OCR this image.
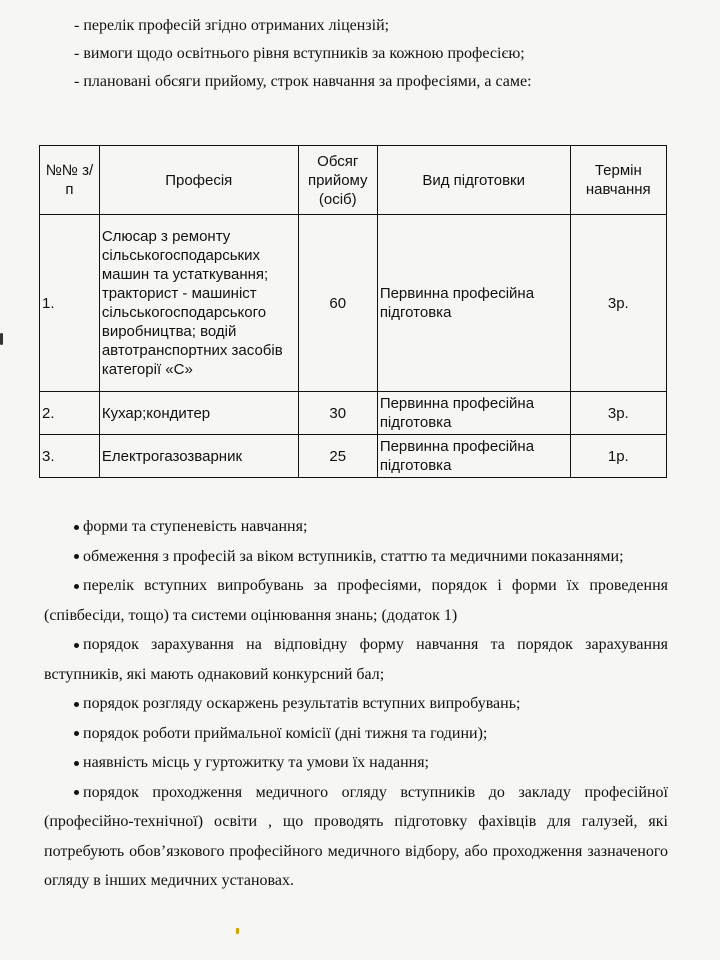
- перелік професій згідно отриманих ліцензій;
- вимоги щодо освітнього рівня вступників за кожною професією;
- плановані обсяги прийому, строк навчання за професіями, а саме:
№№ з/п	Професія	Обсяг прийому (осіб)	Вид підготовки	Термін навчання
1.	Слюсар з ремонту сільськогосподарських машин та устаткування; тракторист - машиніст сільськогосподарського виробництва; водій автотранспортних засобів категорії «С»	60	Первинна професійна підготовка	3р.
2.	Кухар;кондитер	30	Первинна професійна підготовка	3р.
3.	Електрогазозварник	25	Первинна професійна підготовка	1р.
форми та ступеневість навчання;
обмеження з професій за віком вступників, статтю та медичними показаннями;
перелік вступних випробувань за професіями, порядок і форми їх проведення (співбесіди, тощо) та системи оцінювання знань; (додаток 1)
порядок зарахування на відповідну форму навчання та порядок зарахування вступників, які мають однаковий конкурсний бал;
порядок розгляду оскаржень результатів вступних випробувань;
порядок роботи приймальної комісії (дні тижня та години);
наявність місць у гуртожитку та умови їх надання;
порядок проходження медичного огляду вступників до закладу професійної (професійно-технічної) освіти , що проводять підготовку фахівців для галузей, які потребують обов’язкового професійного медичного відбору, або проходження зазначеного огляду в інших медичних установах.
